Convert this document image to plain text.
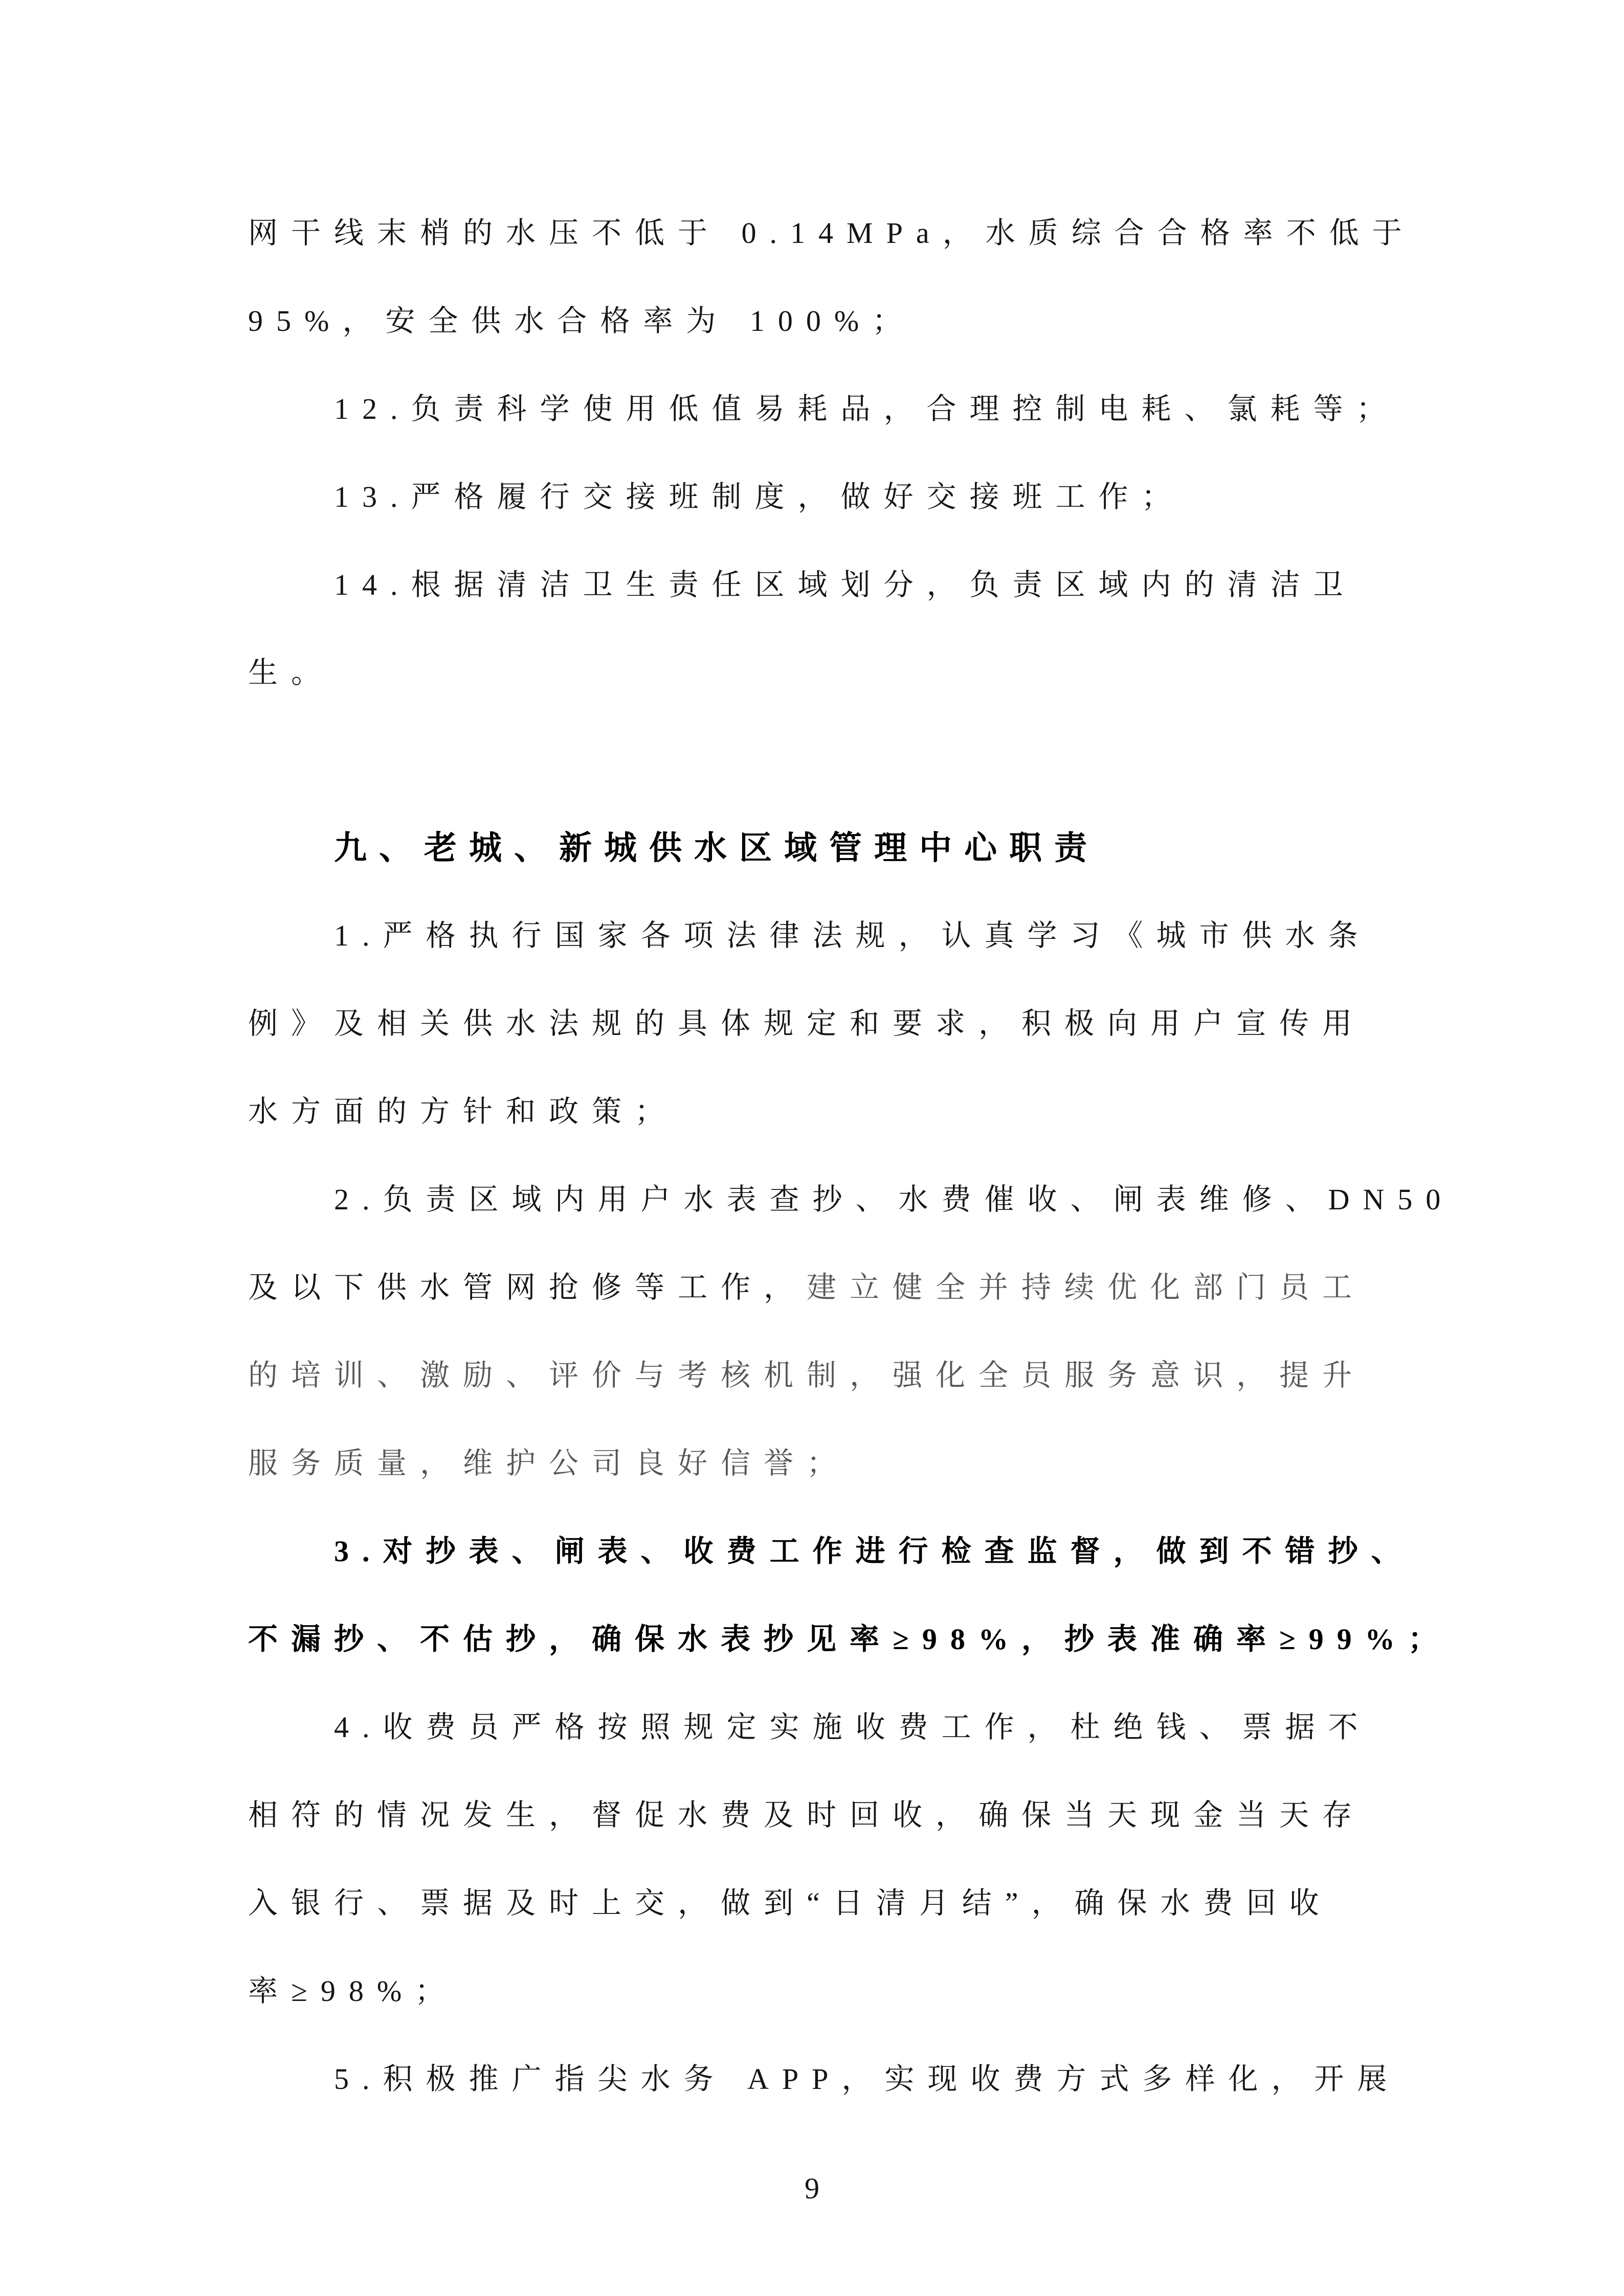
网干线末梢的水压不低于 0.14MPa，水质综合合格率不低于
95%，安全供水合格率为 100%；
12.负责科学使用低值易耗品，合理控制电耗、氯耗等；
13.严格履行交接班制度，做好交接班工作；
14.根据清洁卫生责任区域划分，负责区域内的清洁卫
生。
九、老城、新城供水区域管理中心职责
1.严格执行国家各项法律法规，认真学习《城市供水条
例》及相关供水法规的具体规定和要求，积极向用户宣传用
水方面的方针和政策；
2.负责区域内用户水表查抄、水费催收、闸表维修、DN50
及以下供水管网抢修等工作，建立健全并持续优化部门员工
的培训、激励、评价与考核机制，强化全员服务意识，提升
服务质量，维护公司良好信誉；
3.对抄表、闸表、收费工作进行检查监督，做到不错抄、
不漏抄、不估抄，确保水表抄见率≥98%，抄表准确率≥99%；
4.收费员严格按照规定实施收费工作，杜绝钱、票据不
相符的情况发生，督促水费及时回收，确保当天现金当天存
入银行、票据及时上交，做到“日清月结”，确保水费回收
率≥98%；
5.积极推广指尖水务 APP，实现收费方式多样化，开展
9
